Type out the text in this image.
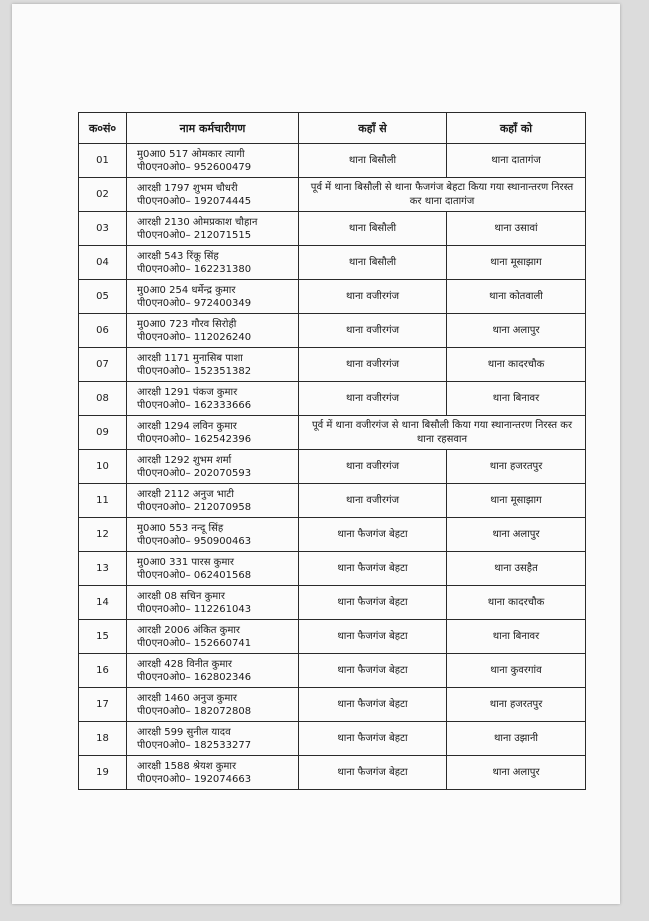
क०सं०	नाम कर्मचारीगण	कहाँ से	कहाँ को
01	मु0आ0 517 ओमकार त्यागी
पी0एन0ओ0– 952600479	थाना बिसौली	थाना दातागंज
02	आरक्षी 1797 शुभम चौधरी
पी0एन0ओ0– 192074445	पूर्व में थाना बिसौली से थाना फैजगंज बेहटा किया गया स्थानान्तरण निरस्त कर थाना दातागंज	
03	आरक्षी 2130 ओमप्रकाश चौहान
पी0एन0ओ0– 212071515	थाना बिसौली	थाना उसावां
04	आरक्षी 543 रिंकू सिंह
पी0एन0ओ0– 162231380	थाना बिसौली	थाना मूसाझाग
05	मु0आ0 254 धर्मेन्द्र कुमार
पी0एन0ओ0– 972400349	थाना वजीरगंज	थाना कोतवाली
06	मु0आ0 723 गौरव सिरोही
पी0एन0ओ0– 112026240	थाना वजीरगंज	थाना अलापुर
07	आरक्षी 1171 मुनासिब पाशा
पी0एन0ओ0– 152351382	थाना वजीरगंज	थाना कादरचौक
08	आरक्षी 1291 पंकज कुमार
पी0एन0ओ0– 162333666	थाना वजीरगंज	थाना बिनावर
09	आरक्षी 1294 लविन कुमार
पी0एन0ओ0– 162542396	पूर्व में थाना वजीरगंज से थाना बिसौली किया गया स्थानान्तरण निरस्त कर थाना रहसवान	
10	आरक्षी 1292 शुभम शर्मा
पी0एन0ओ0– 202070593	थाना वजीरगंज	थाना हजरतपुर
11	आरक्षी 2112 अनुज भाटी
पी0एन0ओ0– 212070958	थाना वजीरगंज	थाना मूसाझाग
12	मु0आ0 553 नन्दू सिंह
पी0एन0ओ0– 950900463	थाना फैजगंज बेहटा	थाना अलापुर
13	मु0आ0 331 पारस कुमार
पी0एन0ओ0– 062401568	थाना फैजगंज बेहटा	थाना उसहैत
14	आरक्षी 08 सचिन कुमार
पी0एन0ओ0– 112261043	थाना फैजगंज बेहटा	थाना कादरचौक
15	आरक्षी 2006 अंकित कुमार
पी0एन0ओ0– 152660741	थाना फैजगंज बेहटा	थाना बिनावर
16	आरक्षी 428 विनीत कुमार
पी0एन0ओ0– 162802346	थाना फैजगंज बेहटा	थाना कुवरगांव
17	आरक्षी 1460 अनुज कुमार
पी0एन0ओ0– 182072808	थाना फैजगंज बेहटा	थाना हजरतपुर
18	आरक्षी 599 सुनील यादव
पी0एन0ओ0– 182533277	थाना फैजगंज बेहटा	थाना उझानी
19	आरक्षी 1588 श्रेयश कुमार
पी0एन0ओ0– 192074663	थाना फैजगंज बेहटा	थाना अलापुर
